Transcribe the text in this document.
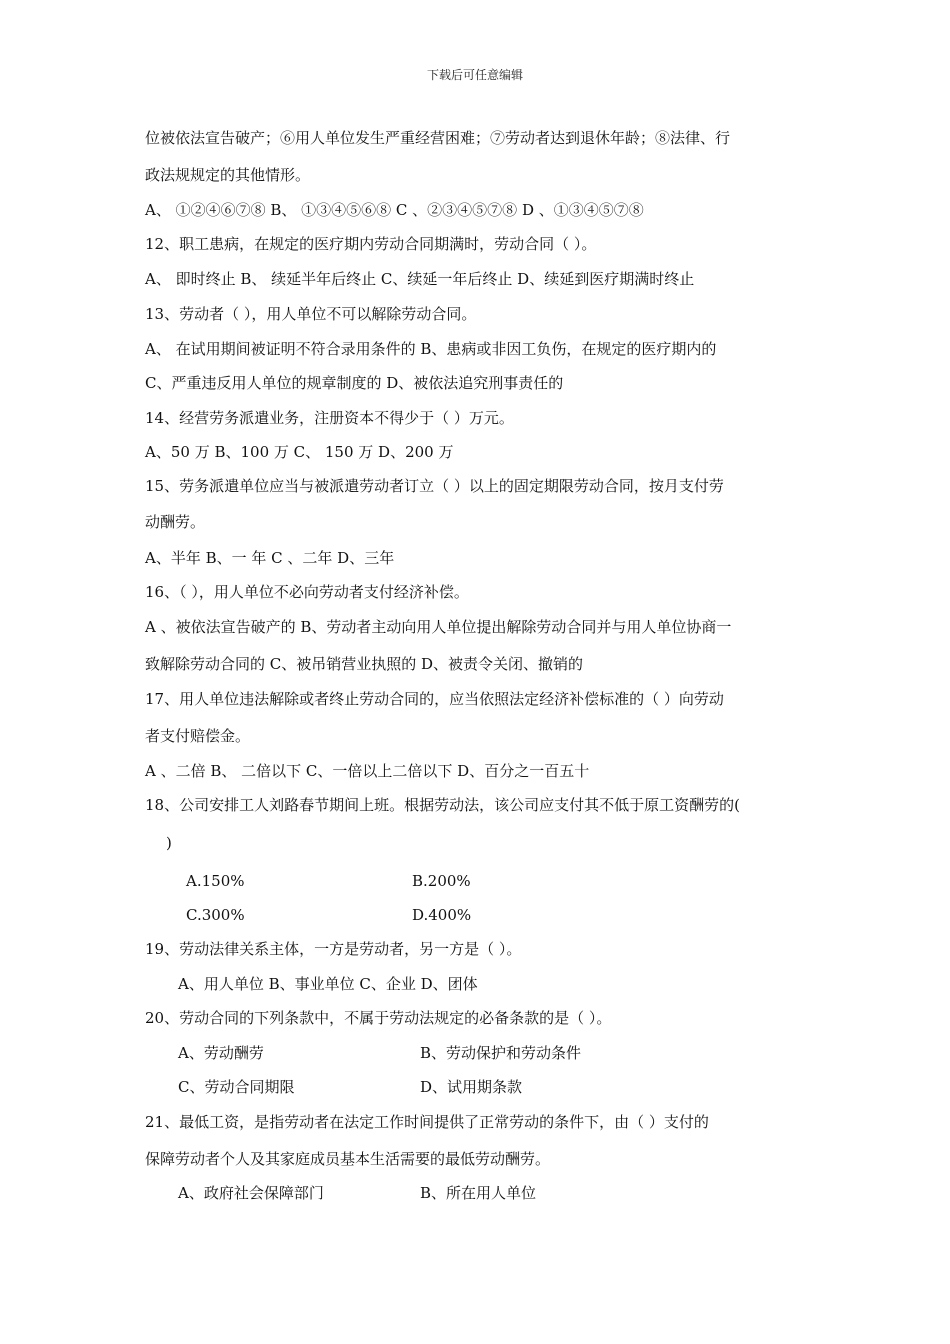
下载后可任意编辑
位被依法宣告破产；⑥用人单位发生严重经营困难；⑦劳动者达到退休年龄；⑧法律、行
政法规规定的其他情形。
A、 ①②④⑥⑦⑧ B、 ①③④⑤⑥⑧ C 、②③④⑤⑦⑧ D 、①③④⑤⑦⑧
12、职工患病，在规定的医疗期内劳动合同期满时，劳动合同（ ）。
A、 即时终止 B、 续延半年后终止 C、续延一年后终止 D、续延到医疗期满时终止
13、劳动者（ ），用人单位不可以解除劳动合同。
A、 在试用期间被证明不符合录用条件的 B、患病或非因工负伤，在规定的医疗期内的
C、严重违反用人单位的规章制度的 D、被依法追究刑事责任的
14、经营劳务派遣业务，注册资本不得少于（ ）万元。
A、50 万 B、100 万 C、 150 万 D、200 万
15、劳务派遣单位应当与被派遣劳动者订立（ ）以上的固定期限劳动合同，按月支付劳
动酬劳。
A、半年 B、一 年 C 、二年 D、三年
16、（ ），用人单位不必向劳动者支付经济补偿。
A 、被依法宣告破产的 B、劳动者主动向用人单位提出解除劳动合同并与用人单位协商一
致解除劳动合同的 C、被吊销营业执照的 D、被责令关闭、撤销的
17、用人单位违法解除或者终止劳动合同的，应当依照法定经济补偿标准的（ ）向劳动
者支付赔偿金。
A 、二倍 B、 二倍以下 C、一倍以上二倍以下 D、百分之一百五十
18、公司安排工人刘路春节期间上班。根据劳动法，该公司应支付其不低于原工资酬劳的(
)
A.150%	B.200%
C.300%	D.400%
19、劳动法律关系主体，一方是劳动者，另一方是（ ）。
A、用人单位 B、事业单位 C、企业 D、团体
20、劳动合同的下列条款中，不属于劳动法规定的必备条款的是（ ）。
A、劳动酬劳	B、劳动保护和劳动条件
C、劳动合同期限	D、试用期条款
21、最低工资，是指劳动者在法定工作时间提供了正常劳动的条件下，由（ ）支付的
保障劳动者个人及其家庭成员基本生活需要的最低劳动酬劳。
A、政府社会保障部门	B、所在用人单位
